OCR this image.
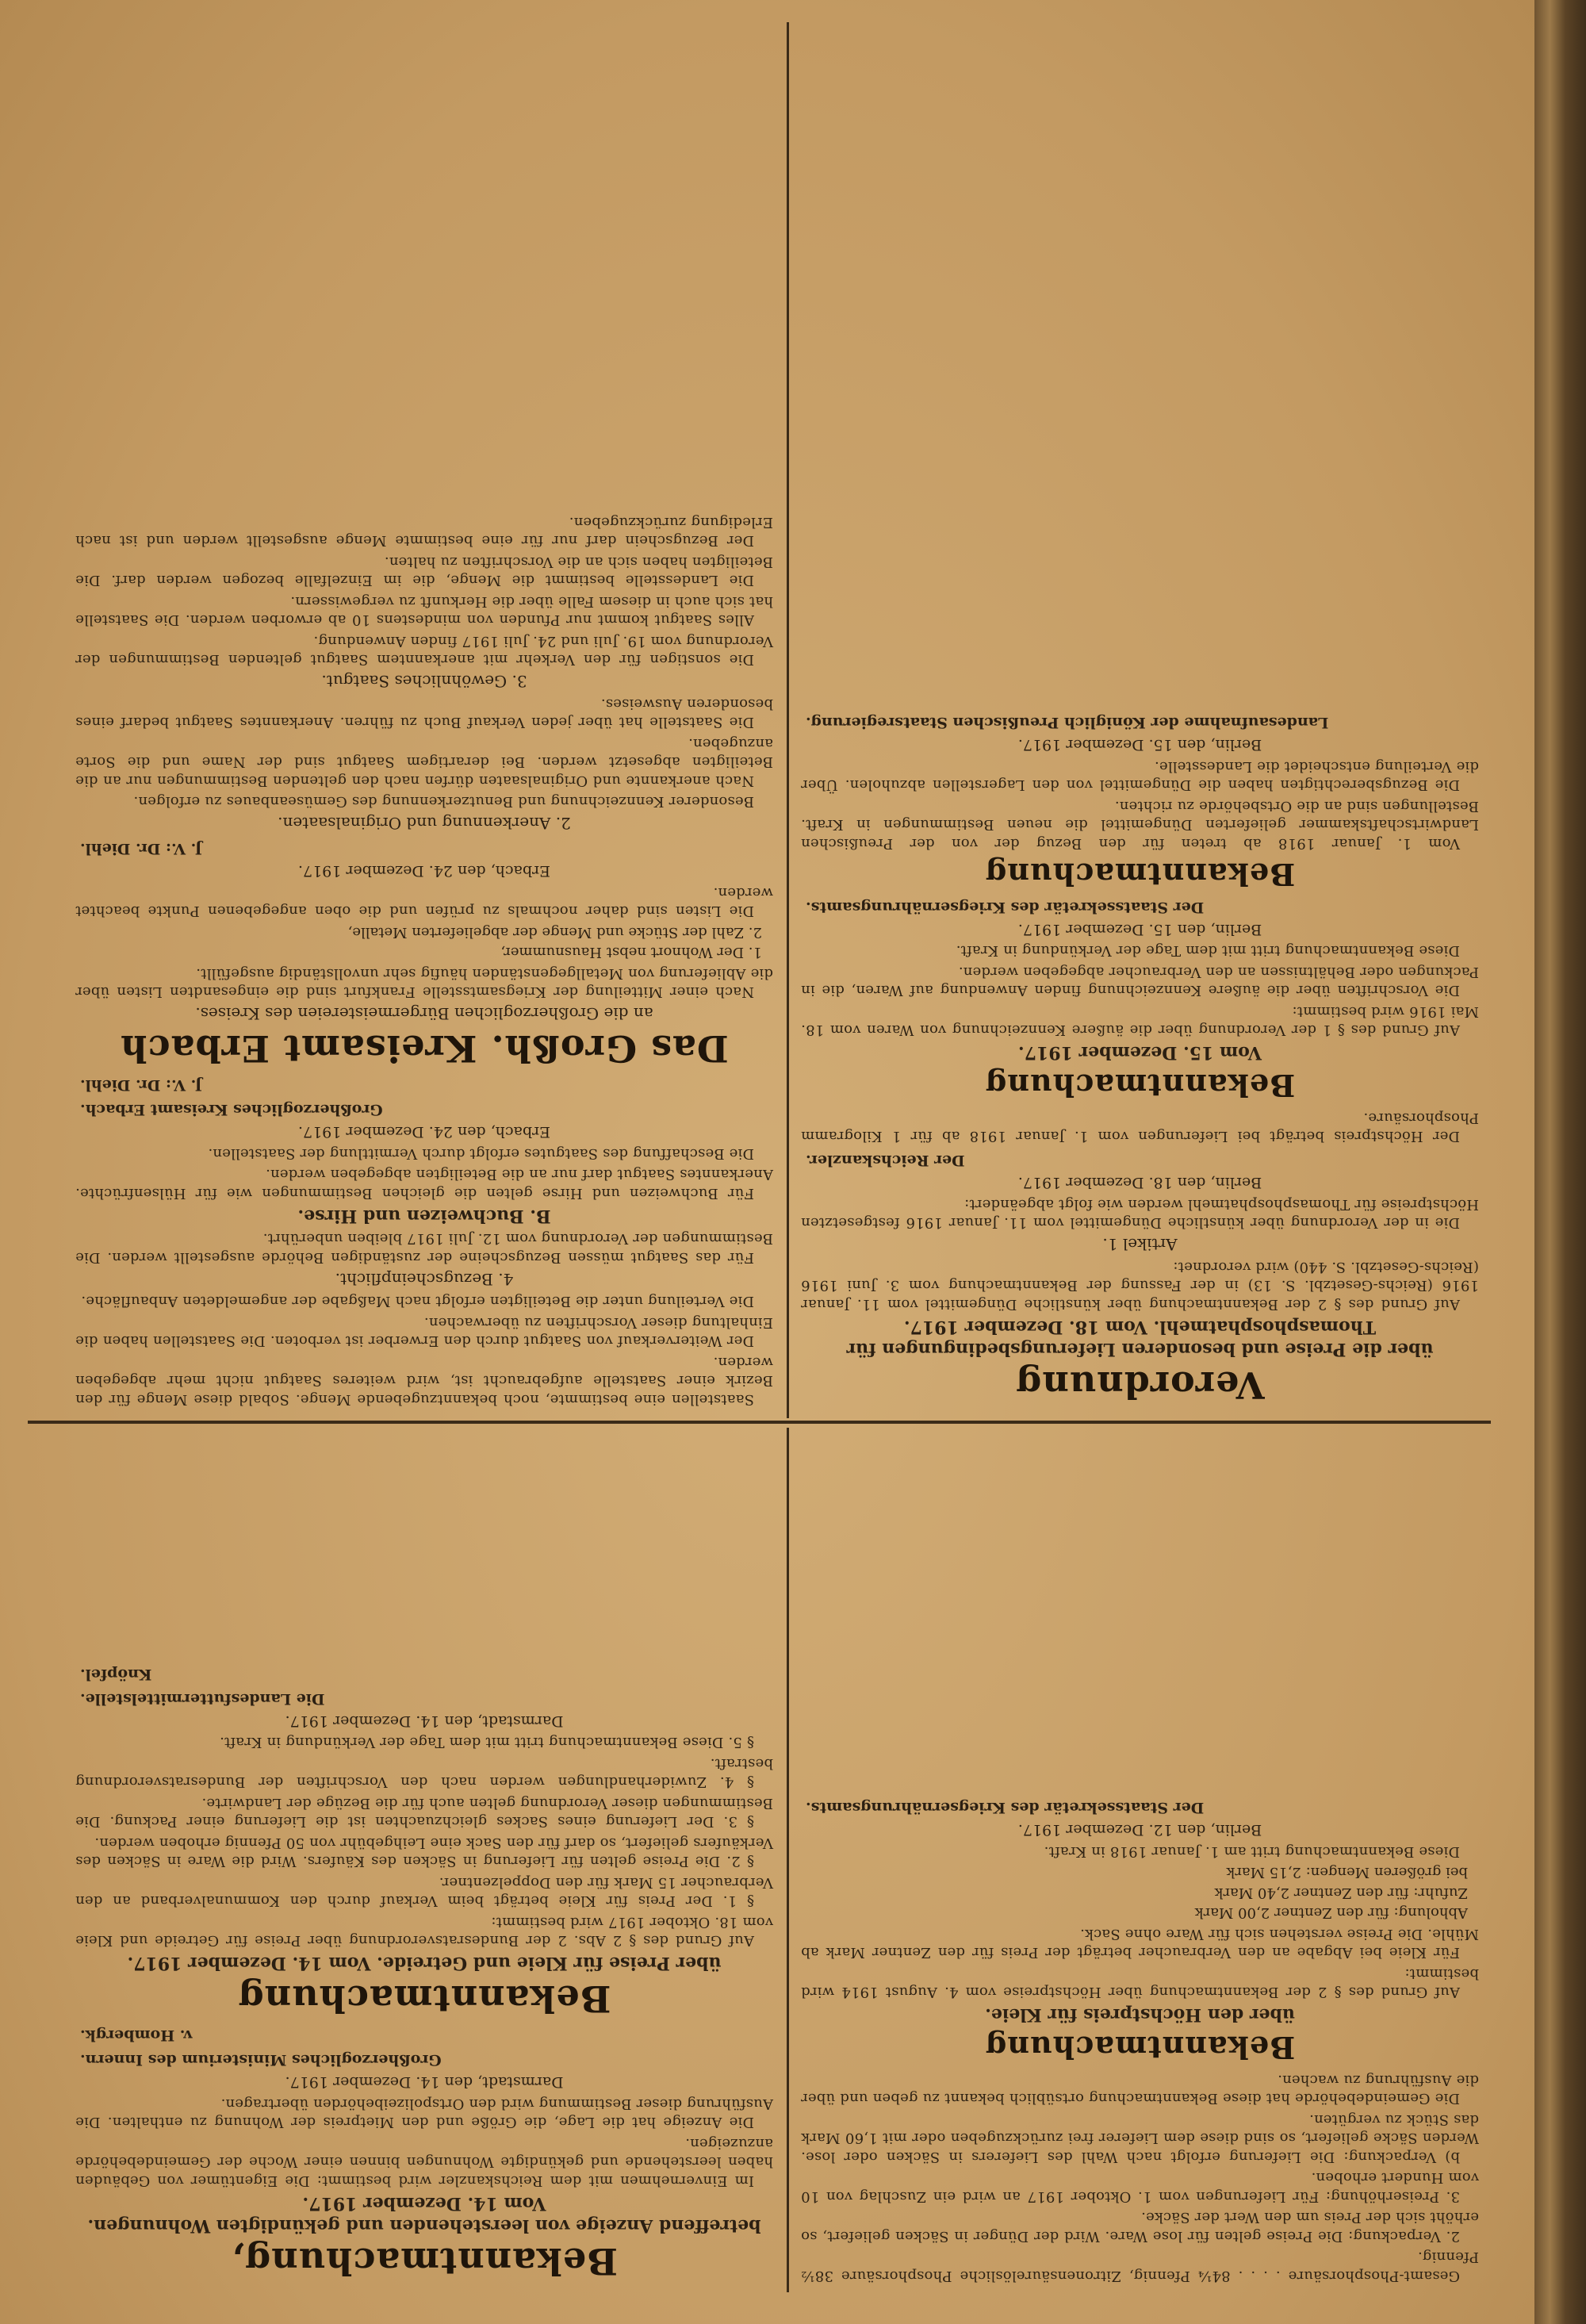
Gesamt-Phosphorsäure . . . . 84¼ Pfennig, Zitronensäurelösliche Phosphorsäure 38½ Pfennig.

2. Verpackung: Die Preise gelten für lose Ware. Wird der Dünger in Säcken geliefert, so erhöht sich der Preis um den Wert der Säcke.

3. Preiserhöhung: Für Lieferungen vom 1. Oktober 1917 an wird ein Zuschlag von 10 vom Hundert erhoben.

b) Verpackung: Die Lieferung erfolgt nach Wahl des Lieferers in Säcken oder lose. Werden Säcke geliefert, so sind diese dem Lieferer frei zurückzugeben oder mit 1,60 Mark das Stück zu vergüten.

Die Gemeindebehörde hat diese Bekanntmachung ortsüblich bekannt zu geben und über die Ausführung zu wachen.

Bekanntmachung
über den Höchstpreis für Kleie.

Auf Grund des § 2 der Bekanntmachung über Höchstpreise vom 4. August 1914 wird bestimmt:

Für Kleie bei Abgabe an den Verbraucher beträgt der Preis für den Zentner Mark ab Mühle. Die Preise verstehen sich für Ware ohne Sack.

Abholung: für den Zentner 2,00 Mark
Zufuhr: für den Zentner 2,40 Mark
bei größeren Mengen: 2,15 Mark

Diese Bekanntmachung tritt am 1. Januar 1918 in Kraft.

Berlin, den 12. Dezember 1917.
Der Staatssekretär des Kriegsernährungsamts.
Bekanntmachung,
betreffend Anzeige von leerstehenden und gekündigten Wohnungen. Vom 14. Dezember 1917.

Im Einvernehmen mit dem Reichskanzler wird bestimmt: Die Eigentümer von Gebäuden haben leerstehende und gekündigte Wohnungen binnen einer Woche der Gemeindebehörde anzuzeigen.

Die Anzeige hat die Lage, die Größe und den Mietpreis der Wohnung zu enthalten. Die Ausführung dieser Bestimmung wird den Ortspolizeibehörden übertragen.

Darmstadt, den 14. Dezember 1917.
Großherzogliches Ministerium des Innern.
v. Hombergk.
Bekanntmachung
über Preise für Kleie und Getreide. Vom 14. Dezember 1917.

Auf Grund des § 2 Abs. 2 der Bundesratsverordnung über Preise für Getreide und Kleie vom 18. Oktober 1917 wird bestimmt:

§ 1. Der Preis für Kleie beträgt beim Verkauf durch den Kommunalverband an den Verbraucher 15 Mark für den Doppelzentner.

§ 2. Die Preise gelten für Lieferung in Säcken des Käufers. Wird die Ware in Säcken des Verkäufers geliefert, so darf für den Sack eine Leihgebühr von 50 Pfennig erhoben werden.

§ 3. Der Lieferung eines Sackes gleichzuachten ist die Lieferung einer Packung. Die Bestimmungen dieser Verordnung gelten auch für die Bezüge der Landwirte.

§ 4. Zuwiderhandlungen werden nach den Vorschriften der Bundesratsverordnung bestraft.

§ 5. Diese Bekanntmachung tritt mit dem Tage der Verkündung in Kraft.

Darmstadt, den 14. Dezember 1917.
Die Landesfuttermittelstelle.
Knöpfel.
Verordnung
über die Preise und besonderen Lieferungsbedingungen für Thomasphosphatmehl. Vom 18. Dezember 1917.

Auf Grund des § 2 der Bekanntmachung über künstliche Düngemittel vom 11. Januar 1916 (Reichs-Gesetzbl. S. 13) in der Fassung der Bekanntmachung vom 3. Juni 1916 (Reichs-Gesetzbl. S. 440) wird verordnet:

Artikel 1.

Die in der Verordnung über künstliche Düngemittel vom 11. Januar 1916 festgesetzten Höchstpreise für Thomasphosphatmehl werden wie folgt abgeändert:

Berlin, den 18. Dezember 1917.
Der Reichskanzler.

Der Höchstpreis beträgt bei Lieferungen vom 1. Januar 1918 ab für 1 Kilogramm Phosphorsäure.

Bekanntmachung
Vom 15. Dezember 1917.

Auf Grund des § 1 der Verordnung über die äußere Kennzeichnung von Waren vom 18. Mai 1916 wird bestimmt:

Die Vorschriften über die äußere Kennzeichnung finden Anwendung auf Waren, die in Packungen oder Behältnissen an den Verbraucher abgegeben werden.

Diese Bekanntmachung tritt mit dem Tage der Verkündung in Kraft.

Berlin, den 15. Dezember 1917.
Der Staatssekretär des Kriegsernährungsamts.
Bekanntmachung

Vom 1. Januar 1918 ab treten für den Bezug der von der Preußischen Landwirtschaftskammer gelieferten Düngemittel die neuen Bestimmungen in Kraft. Bestellungen sind an die Ortsbehörde zu richten.

Die Bezugsberechtigten haben die Düngemittel von den Lagerstellen abzuholen. Über die Verteilung entscheidet die Landesstelle.

Berlin, den 15. Dezember 1917.
Landesaufnahme der Königlich Preußischen Staatsregierung.

Saatstellen eine bestimmte, noch bekanntzugebende Menge. Sobald diese Menge für den Bezirk einer Saatstelle aufgebraucht ist, wird weiteres Saatgut nicht mehr abgegeben werden.

Der Weiterverkauf von Saatgut durch den Erwerber ist verboten. Die Saatstellen haben die Einhaltung dieser Vorschriften zu überwachen.

Die Verteilung unter die Beteiligten erfolgt nach Maßgabe der angemeldeten Anbaufläche.

4. Bezugscheinpflicht.

Für das Saatgut müssen Bezugscheine der zuständigen Behörde ausgestellt werden. Die Bestimmungen der Verordnung vom 12. Juli 1917 bleiben unberührt.

B. Buchweizen und Hirse.

Für Buchweizen und Hirse gelten die gleichen Bestimmungen wie für Hülsenfrüchte. Anerkanntes Saatgut darf nur an die Beteiligten abgegeben werden.

Die Beschaffung des Saatgutes erfolgt durch Vermittlung der Saatstellen.

Erbach, den 24. Dezember 1917.
Großherzogliches Kreisamt Erbach.
J. V.: Dr. Diehl.
Das Großh. Kreisamt Erbach
an die Großherzoglichen Bürgermeistereien des Kreises.

Nach einer Mitteilung der Kriegsamtsstelle Frankfurt sind die eingesandten Listen über die Ablieferung von Metallgegenständen häufig sehr unvollständig ausgefüllt.

1. Der Wohnort nebst Hausnummer,
2. Zahl der Stücke und Menge der abgelieferten Metalle,

Die Listen sind daher nochmals zu prüfen und die oben angegebenen Punkte beachtet werden.

Erbach, den 24. Dezember 1917.
J. V.: Dr. Diehl.

2. Anerkennung und Originalsaaten.

Besonderer Kennzeichnung und Benutzerkennung des Gemüseanbaues zu erfolgen.

Nach anerkannte und Originalsaaten dürfen nach den geltenden Bestimmungen nur an die Beteiligten abgesetzt werden. Bei derartigem Saatgut sind der Name und die Sorte anzugeben.

Die Saatstelle hat über jeden Verkauf Buch zu führen. Anerkanntes Saatgut bedarf eines besonderen Ausweises.

3. Gewöhnliches Saatgut.

Die sonstigen für den Verkehr mit anerkanntem Saatgut geltenden Bestimmungen der Verordnung vom 19. Juli und 24. Juli 1917 finden Anwendung.

Alles Saatgut kommt nur Pfunden von mindestens 10 ab erworben werden. Die Saatstelle hat sich auch in diesem Falle über die Herkunft zu vergewissern.

Die Landesstelle bestimmt die Menge, die im Einzelfalle bezogen werden darf. Die Beteiligten haben sich an die Vorschriften zu halten.

Der Bezugschein darf nur für eine bestimmte Menge ausgestellt werden und ist nach Erledigung zurückzugeben.
